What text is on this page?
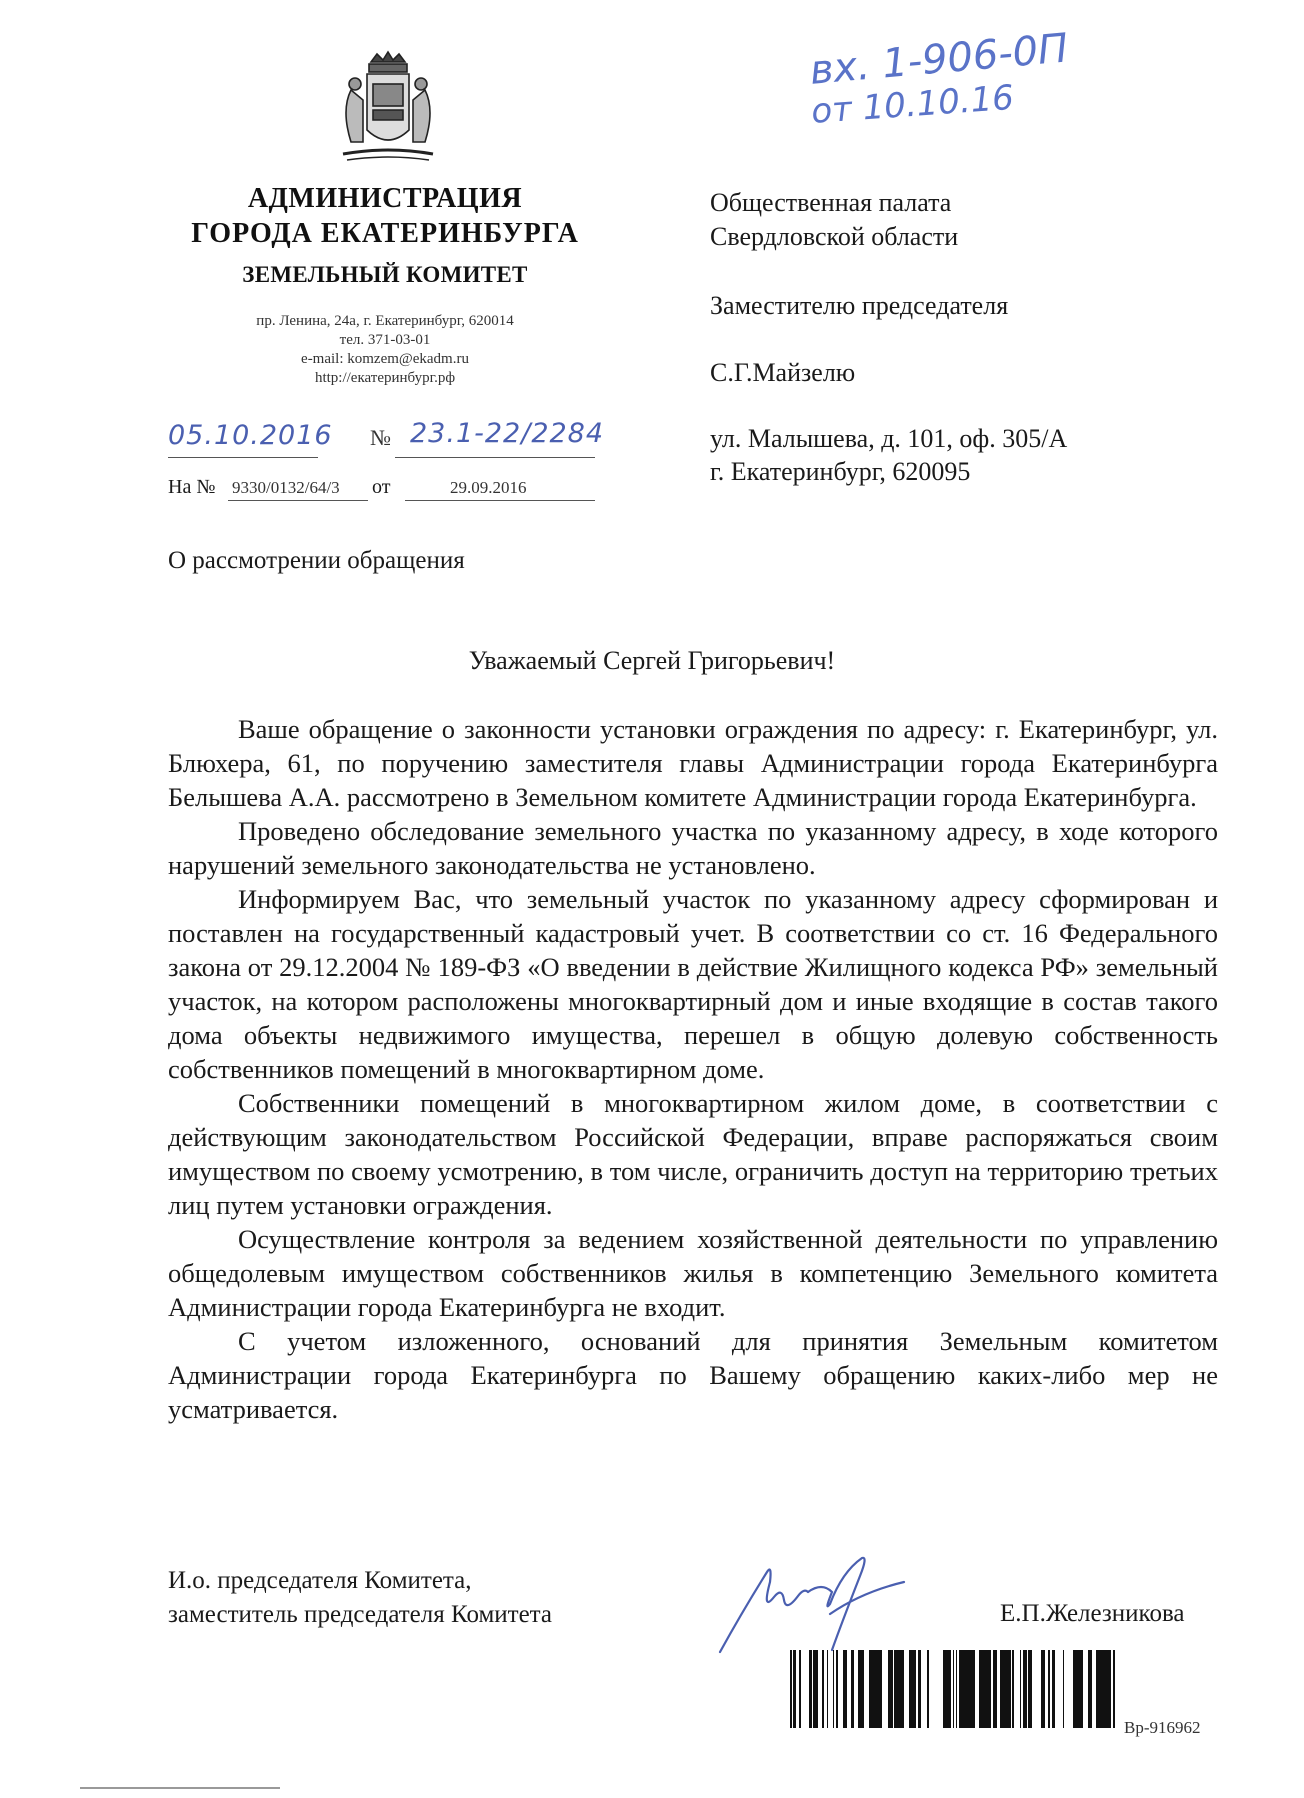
АДМИНИСТРАЦИЯ
ГОРОДА ЕКАТЕРИНБУРГА
ЗЕМЕЛЬНЫЙ КОМИТЕТ
пр. Ленина, 24а, г. Екатеринбург, 620014
тел. 371-03-01
e-mail: komzem@ekadm.ru
http://екатеринбург.рф
05.10.2016 № 23.1-22/2284
На № 9330/0132/64/3	от	29.09.2016
вх. 1-906-0П
от 10.10.16
Общественная палата
Свердловской области
Заместителю председателя
С.Г.Майзелю
ул. Малышева, д. 101, оф. 305/А
г. Екатеринбург, 620095
О рассмотрении обращения
Уважаемый Сергей Григорьевич!

Ваше обращение о законности установки ограждения по адресу: г. Екатеринбург, ул. Блюхера, 61, по поручению заместителя главы Администрации города Екатеринбурга Белышева А.А. рассмотрено в Земельном комитете Администрации города Екатеринбурга.

Проведено обследование земельного участка по указанному адресу, в ходе которого нарушений земельного законодательства не установлено.

Информируем Вас, что земельный участок по указанному адресу сформирован и поставлен на государственный кадастровый учет. В соответствии со ст. 16 Федерального закона от 29.12.2004 № 189-ФЗ «О введении в действие Жилищного кодекса РФ» земельный участок, на котором расположены многоквартирный дом и иные входящие в состав такого дома объекты недвижимого имущества, перешел в общую долевую собственность собственников помещений в многоквартирном доме.

Собственники помещений в многоквартирном жилом доме, в соответствии с действующим законодательством Российской Федерации, вправе распоряжаться своим имуществом по своему усмотрению, в том числе, ограничить доступ на территорию третьих лиц путем установки ограждения.

Осуществление контроля за ведением хозяйственной деятельности по управлению общедолевым имуществом собственников жилья в компетенцию Земельного комитета Администрации города Екатеринбурга не входит.

С учетом изложенного, оснований для принятия Земельным комитетом Администрации города Екатеринбурга по Вашему обращению каких-либо мер не усматривается.

И.о. председателя Комитета,
заместитель председателя Комитета	Е.П.Железникова
Вр-916962
